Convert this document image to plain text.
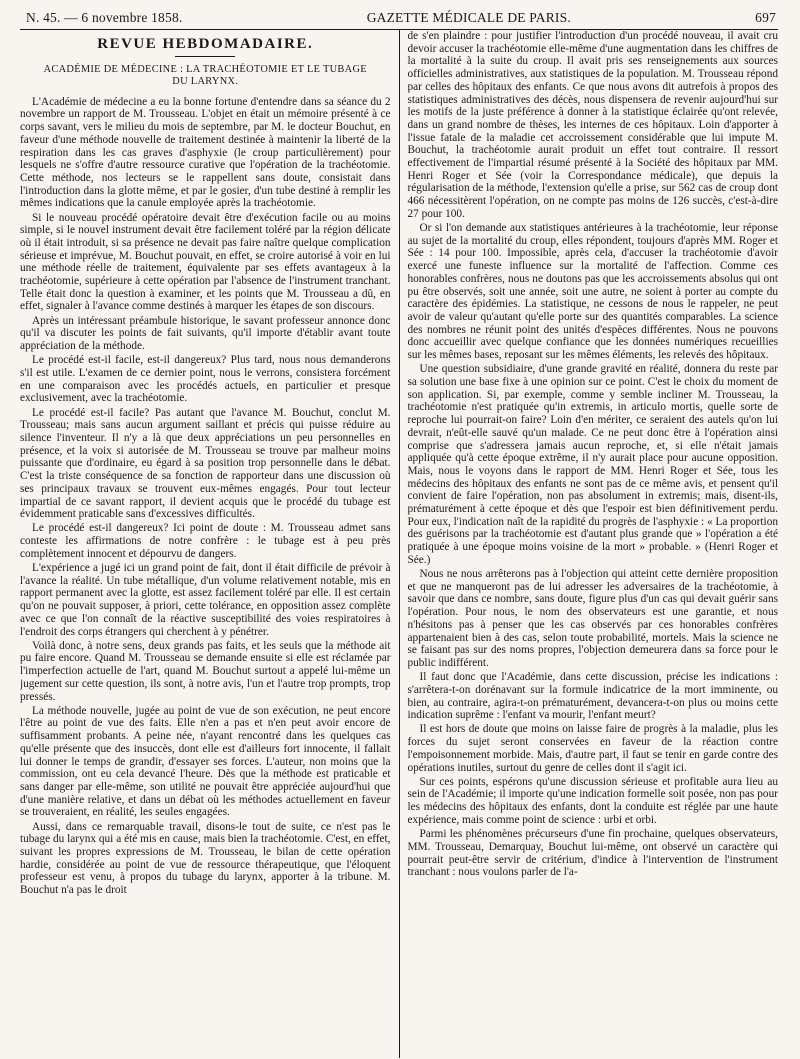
N. 45. — 6 novembre 1858.	GAZETTE MÉDICALE DE PARIS.	697
REVUE HEBDOMADAIRE.
ACADÉMIE DE MÉDECINE : LA TRACHÉOTOMIE ET LE TUBAGE DU LARYNX.

L'Académie de médecine a eu la bonne fortune d'entendre dans sa séance du 2 novembre un rapport de M. Trousseau. L'objet en était un mémoire présenté à ce corps savant, vers le milieu du mois de septembre, par M. le docteur Bouchut, en faveur d'une méthode nouvelle de traitement destinée à maintenir la liberté de la respiration dans les cas graves d'asphyxie (le croup particulièrement) pour lesquels ne s'offre d'autre ressource curative que l'opération de la trachéotomie. Cette méthode, nos lecteurs se le rappellent sans doute, consistait dans l'introduction dans la glotte même, et par le gosier, d'un tube destiné à remplir les mêmes indications que la canule employée après la trachéotomie.

Si le nouveau procédé opératoire devait être d'exécution facile ou au moins simple, si le nouvel instrument devait être facilement toléré par la région délicate où il était introduit, si sa présence ne devait pas faire naître quelque complication sérieuse et imprévue, M. Bouchut pouvait, en effet, se croire autorisé à voir en lui une méthode réelle de traitement, équivalente par ses effets avantageux à la trachéotomie, supérieure à cette opération par l'absence de l'instrument tranchant. Telle était donc la question à examiner, et les points que M. Trousseau a dû, en effet, signaler à l'avance comme destinés à marquer les étapes de son discours.

Après un intéressant préambule historique, le savant professeur annonce donc qu'il va discuter les points de fait suivants, qu'il importe d'établir avant toute appréciation de la méthode.

Le procédé est-il facile, est-il dangereux? Plus tard, nous nous demanderons s'il est utile. L'examen de ce dernier point, nous le verrons, consistera forcément en une comparaison avec les procédés actuels, en particulier et presque exclusivement, avec la trachéotomie.

Le procédé est-il facile? Pas autant que l'avance M. Bouchut, conclut M. Trousseau; mais sans aucun argument saillant et précis qui puisse réduire au silence l'inventeur. Il n'y a là que deux appréciations un peu personnelles en présence, et la voix si autorisée de M. Trousseau se trouve par malheur moins puissante que d'ordinaire, eu égard à sa position trop personnelle dans le débat. C'est la triste conséquence de sa fonction de rapporteur dans une discussion où ses principaux travaux se trouvent eux-mêmes engagés. Pour tout lecteur impartial de ce savant rapport, il devient acquis que le procédé du tubage est évidemment praticable sans d'excessives difficultés.

Le procédé est-il dangereux? Ici point de doute : M. Trousseau admet sans conteste les affirmations de notre confrère : le tubage est à peu près complètement innocent et dépourvu de dangers.

L'expérience a jugé ici un grand point de fait, dont il était difficile de prévoir à l'avance la réalité. Un tube métallique, d'un volume relativement notable, mis en rapport permanent avec la glotte, est assez facilement toléré par elle. Il est certain qu'on ne pouvait supposer, à priori, cette tolérance, en opposition assez complète avec ce que l'on connaît de la réactive susceptibilité des voies respiratoires à l'endroit des corps étrangers qui cherchent à y pénétrer.

Voilà donc, à notre sens, deux grands pas faits, et les seuls que la méthode ait pu faire encore. Quand M. Trousseau se demande ensuite si elle est réclamée par l'imperfection actuelle de l'art, quand M. Bouchut surtout a appelé lui-même un jugement sur cette question, ils sont, à notre avis, l'un et l'autre trop prompts, trop pressés.

La méthode nouvelle, jugée au point de vue de son exécution, ne peut encore l'être au point de vue des faits. Elle n'en a pas et n'en peut avoir encore de suffisamment probants. A peine née, n'ayant rencontré dans les quelques cas qu'elle présente que des insuccès, dont elle est d'ailleurs fort innocente, il fallait lui donner le temps de grandir, d'essayer ses forces. L'auteur, non moins que la commission, ont eu cela devancé l'heure. Dès que la méthode est praticable et sans danger par elle-même, son utilité ne pouvait être appréciée aujourd'hui que d'une manière relative, et dans un débat où les méthodes actuellement en faveur se trouveraient, en réalité, les seules engagées.

Aussi, dans ce remarquable travail, disons-le tout de suite, ce n'est pas le tubage du larynx qui a été mis en cause, mais bien la trachéotomie. C'est, en effet, suivant les propres expressions de M. Trousseau, le bilan de cette opération hardie, considérée au point de vue de ressource thérapeutique, que l'éloquent professeur est venu, à propos du tubage du larynx, apporter à la tribune. M. Bouchut n'a pas le droit

de s'en plaindre : pour justifier l'introduction d'un procédé nouveau, il avait cru devoir accuser la trachéotomie elle-même d'une augmentation dans les chiffres de la mortalité à la suite du croup. Il avait pris ses renseignements aux sources officielles administratives, aux statistiques de la population. M. Trousseau répond par celles des hôpitaux des enfants. Ce que nous avons dit autrefois à propos des statistiques administratives des décès, nous dispensera de revenir aujourd'hui sur les motifs de la juste préférence à donner à la statistique éclairée qu'ont relevée, dans un grand nombre de thèses, les internes de ces hôpitaux. Loin d'apporter à l'issue fatale de la maladie cet accroissement considérable que lui impute M. Bouchut, la trachéotomie aurait produit un effet tout contraire. Il ressort effectivement de l'impartial résumé présenté à la Société des hôpitaux par MM. Henri Roger et Sée (voir la Correspondance médicale), que depuis la régularisation de la méthode, l'extension qu'elle a prise, sur 562 cas de croup dont 466 nécessitèrent l'opération, on ne compte pas moins de 126 succès, c'est-à-dire 27 pour 100.

Or si l'on demande aux statistiques antérieures à la trachéotomie, leur réponse au sujet de la mortalité du croup, elles répondent, toujours d'après MM. Roger et Sée : 14 pour 100. Impossible, après cela, d'accuser la trachéotomie d'avoir exercé une funeste influence sur la mortalité de l'affection. Comme ces honorables confrères, nous ne doutons pas que les accroissements absolus qui ont pu être observés, soit une année, soit une autre, ne soient à porter au compte du caractère des épidémies. La statistique, ne cessons de nous le rappeler, ne peut avoir de valeur qu'autant qu'elle porte sur des quantités comparables. La science des nombres ne réunit point des unités d'espèces différentes. Nous ne pouvons donc accueillir avec quelque confiance que les données numériques recueillies sur les mêmes bases, reposant sur les mêmes éléments, les relevés des hôpitaux.

Une question subsidiaire, d'une grande gravité en réalité, donnera du reste par sa solution une base fixe à une opinion sur ce point. C'est le choix du moment de son application. Si, par exemple, comme y semble incliner M. Trousseau, la trachéotomie n'est pratiquée qu'in extremis, in articulo mortis, quelle sorte de reproche lui pourrait-on faire? Loin d'en mériter, ce seraient des autels qu'on lui devrait, n'eût-elle sauvé qu'un malade. Ce ne peut donc être à l'opération ainsi comprise que s'adressera jamais aucun reproche, et, si elle n'était jamais appliquée qu'à cette époque extrême, il n'y aurait place pour aucune opposition. Mais, nous le voyons dans le rapport de MM. Henri Roger et Sée, tous les médecins des hôpitaux des enfants ne sont pas de ce même avis, et pensent qu'il convient de faire l'opération, non pas absolument in extremis; mais, disent-ils, prématurément à cette époque et dès que l'espoir est bien définitivement perdu. Pour eux, l'indication naît de la rapidité du progrès de l'asphyxie : « La proportion des guérisons par la trachéotomie est d'autant plus grande que » l'opération a été pratiquée à une époque moins voisine de la mort » probable. » (Henri Roger et Sée.)

Nous ne nous arrêterons pas à l'objection qui atteint cette dernière proposition et que ne manqueront pas de lui adresser les adversaires de la trachéotomie, à savoir que dans ce nombre, sans doute, figure plus d'un cas qui devait guérir sans l'opération. Pour nous, le nom des observateurs est une garantie, et nous n'hésitons pas à penser que les cas observés par ces honorables confrères appartenaient bien à des cas, selon toute probabilité, mortels. Mais la science ne se faisant pas sur des noms propres, l'objection demeurera dans sa force pour le public indifférent.

Il faut donc que l'Académie, dans cette discussion, précise les indications : s'arrêtera-t-on dorénavant sur la formule indicatrice de la mort imminente, ou bien, au contraire, agira-t-on prématurément, devancera-t-on plus ou moins cette indication suprême : l'enfant va mourir, l'enfant meurt?

Il est hors de doute que moins on laisse faire de progrès à la maladie, plus les forces du sujet seront conservées en faveur de la réaction contre l'empoisonnement morbide. Mais, d'autre part, il faut se tenir en garde contre des opérations inutiles, surtout du genre de celles dont il s'agit ici.

Sur ces points, espérons qu'une discussion sérieuse et profitable aura lieu au sein de l'Académie; il importe qu'une indication formelle soit posée, non pas pour les médecins des hôpitaux des enfants, dont la conduite est réglée par une haute expérience, mais comme point de science : urbi et orbi.

Parmi les phénomènes précurseurs d'une fin prochaine, quelques observateurs, MM. Trousseau, Demarquay, Bouchut lui-même, ont observé un caractère qui pourrait peut-être servir de critérium, d'indice à l'intervention de l'instrument tranchant : nous voulons parler de l'a-
